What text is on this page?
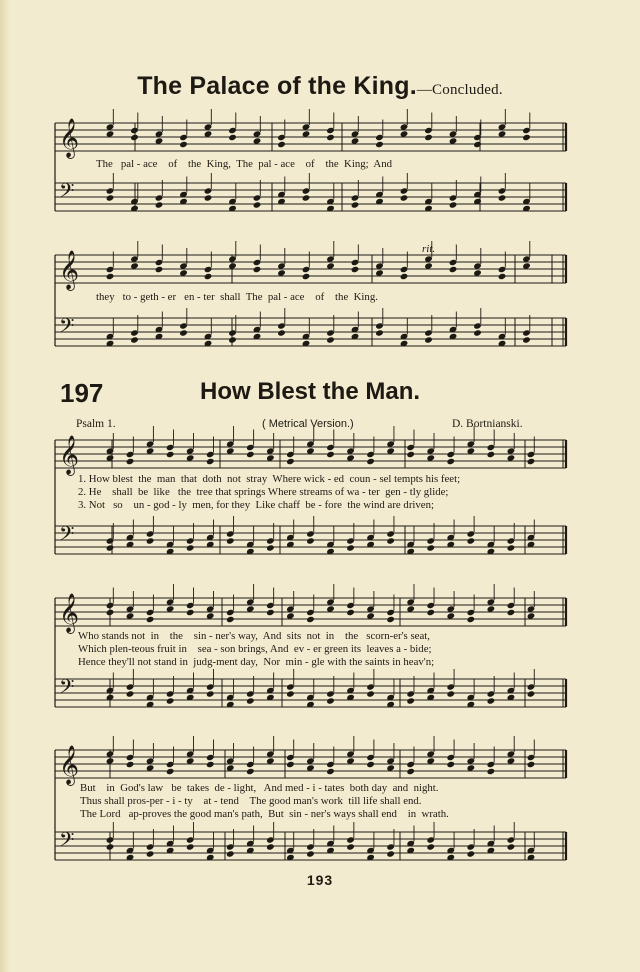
The Palace of the King.—Concluded.
𝄞
𝄢
𝄞
𝄢
𝄞
𝄢
𝄞
𝄢
𝄞
𝄢
The   pal - ace    of    the  King,  The  pal - ace    of    the  King;  And
they   to - geth - er   en - ter  shall  The  pal - ace    of    the  King.
rit.
197	How Blest the Man.
Psalm 1.	( Metrical Version.)	D. Bortnianski.
1. How blest  the  man  that  doth  not  stray  Where wick - ed  coun - sel tempts his feet;
2. He    shall  be  like   the  tree that springs Where streams of wa - ter  gen - tly glide;
3. Not   so    un - god - ly  men, for they  Like chaff  be - fore  the wind are driven;
Who stands not  in    the    sin - ner's way,  And  sits  not  in    the   scorn-er's seat,
Which plen-teous fruit in    sea - son brings, And  ev - er green its  leaves a - bide;
Hence they'll not stand in  judg-ment day,  Nor  min - gle with the saints in heav'n;
But    in  God's law   be  takes  de - light,   And med - i - tates  both day  and  night.
Thus shall pros-per - i - ty    at - tend    The good man's work  till life shall end.
The Lord   ap-proves the good man's path,  But  sin - ner's ways shall end    in  wrath.
193
